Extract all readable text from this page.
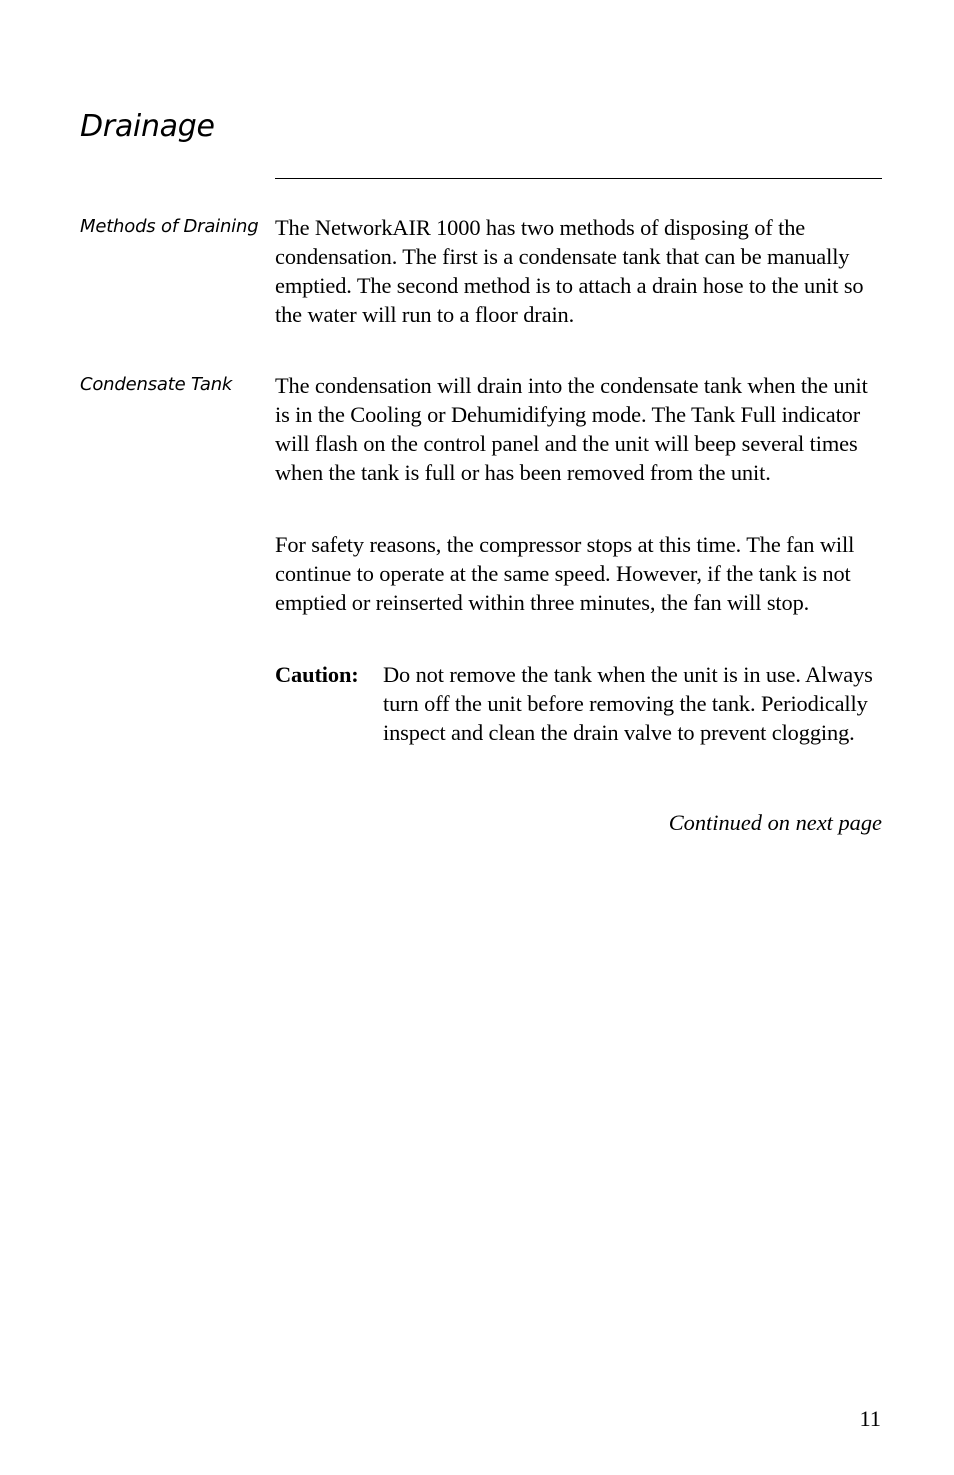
Drainage

Methods of Draining The NetworkAIR 1000 has two methods of disposing of the condensation. The first is a condensate tank that can be manually emptied. The second method is to attach a drain hose to the unit so the water will run to a floor drain.

Condensate Tank	The condensation will drain into the condensate tank when the unit is in the Cooling or Dehumidifying mode. The Tank Full indicator will flash on the control panel and the unit will beep several times when the tank is full or has been removed from the unit.

For safety reasons, the compressor stops at this time. The fan will continue to operate at the same speed. However, if the tank is not emptied or reinserted within three minutes, the fan will stop.

Caution: Do not remove the tank when the unit is in use. Always turn off the unit before removing the tank. Periodically inspect and clean the drain valve to prevent clogging.

Continued on next page

11
